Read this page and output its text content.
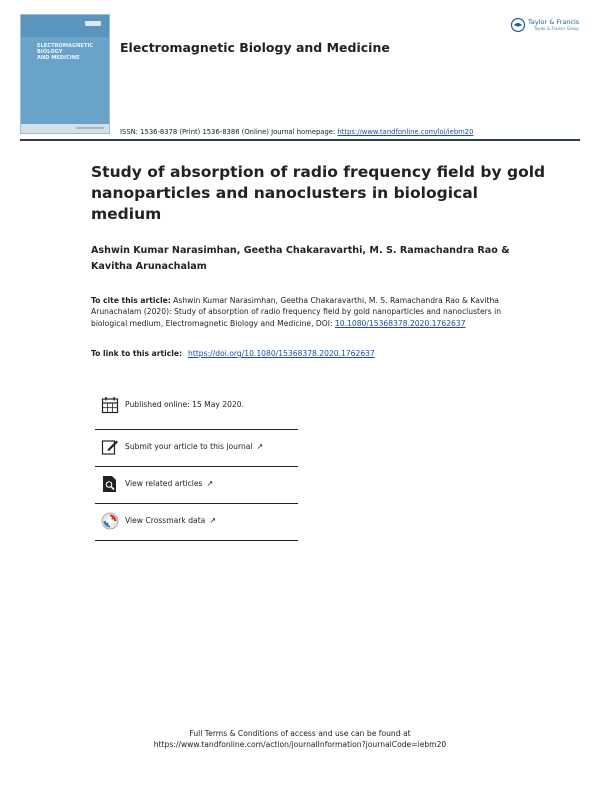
ELECTROMAGNETIC
BIOLOGY
AND MEDICINE
Taylor & Francis
Taylor & Francis Group
Electromagnetic Biology and Medicine
ISSN: 1536-8378 (Print) 1536-8386 (Online) Journal homepage: https://www.tandfonline.com/loi/iebm20
Study of absorption of radio frequency field by gold nanoparticles and nanoclusters in biological medium
Ashwin Kumar Narasimhan, Geetha Chakaravarthi, M. S. Ramachandra Rao & Kavitha Arunachalam
To cite this article: Ashwin Kumar Narasimhan, Geetha Chakaravarthi, M. S. Ramachandra Rao & Kavitha Arunachalam (2020): Study of absorption of radio frequency field by gold nanoparticles and nanoclusters in biological medium, Electromagnetic Biology and Medicine, DOI: 10.1080/15368378.2020.1762637
To link to this article: https://doi.org/10.1080/15368378.2020.1762637
Published online: 15 May 2020.
Submit your article to this journal ↗
View related articles ↗
View Crossmark data ↗
Full Terms & Conditions of access and use can be found at
https://www.tandfonline.com/action/journalInformation?journalCode=iebm20
